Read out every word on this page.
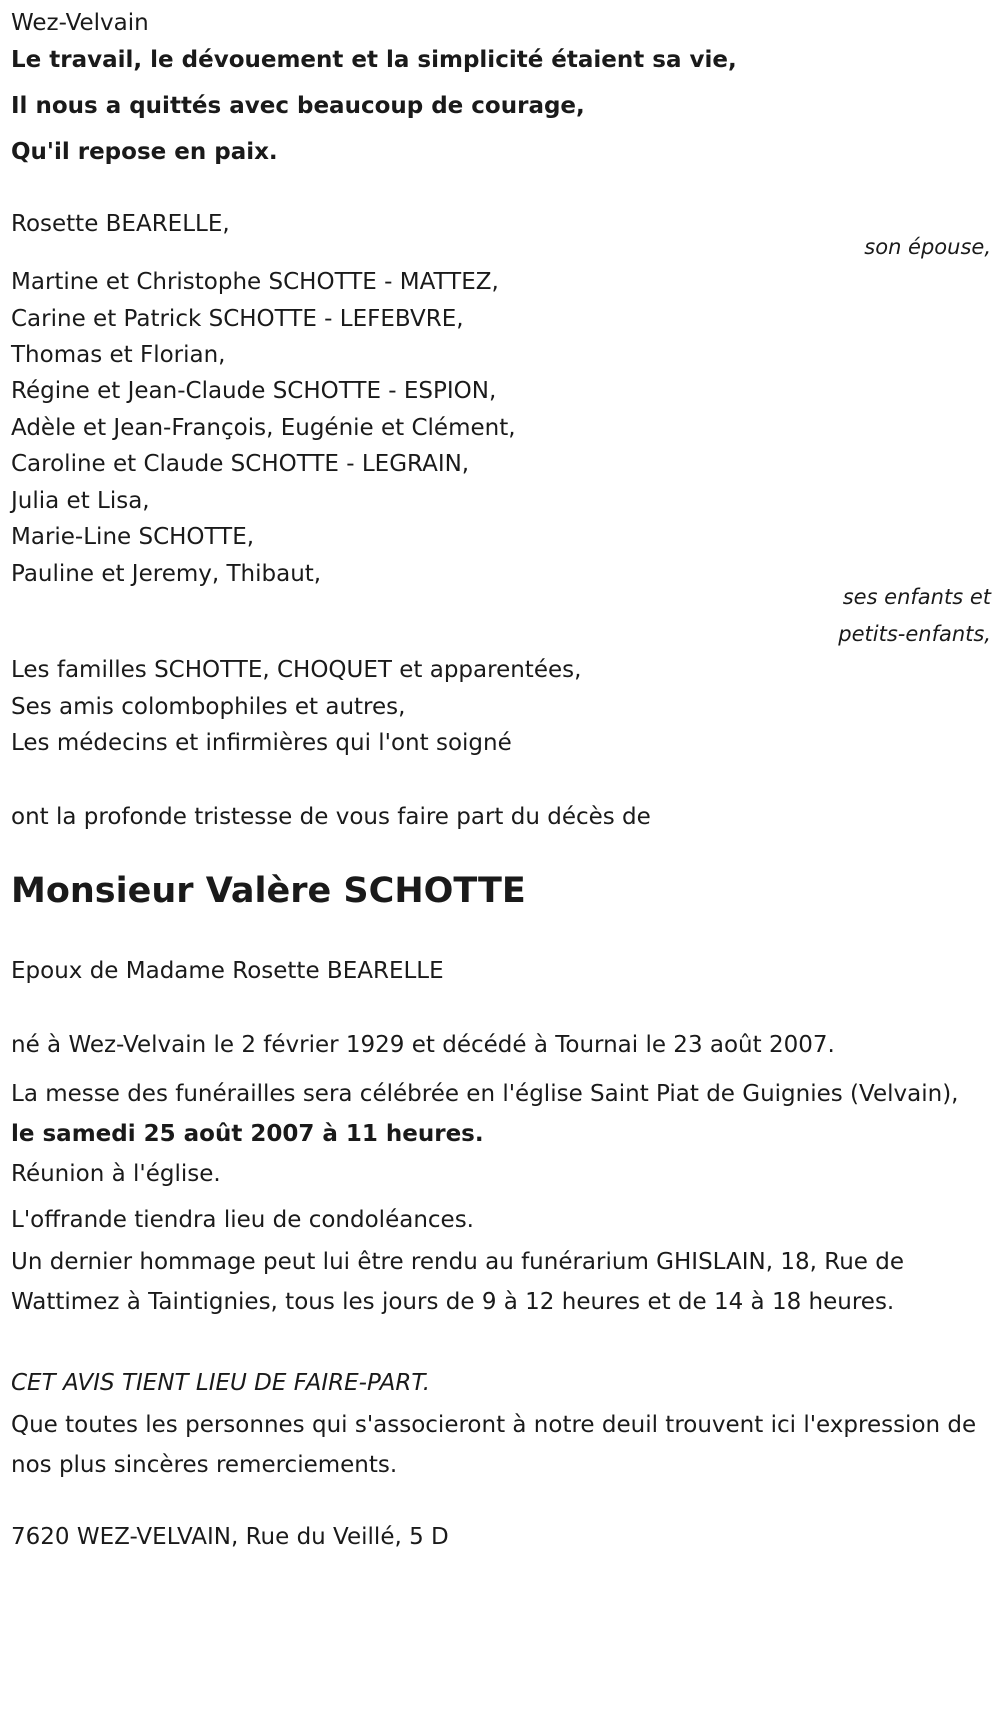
Wez-Velvain
Le travail, le dévouement et la simplicité étaient sa vie,
Il nous a quittés avec beaucoup de courage,
Qu'il repose en paix.
Rosette BEARELLE,
son épouse,
Martine et Christophe SCHOTTE - MATTEZ,
Carine et Patrick SCHOTTE - LEFEBVRE,
Thomas et Florian,
Régine et Jean-Claude SCHOTTE - ESPION,
Adèle et Jean-François, Eugénie et Clément,
Caroline et Claude SCHOTTE - LEGRAIN,
Julia et Lisa,
Marie-Line SCHOTTE,
Pauline et Jeremy, Thibaut,
ses enfants et
petits-enfants,
Les familles SCHOTTE, CHOQUET et apparentées,
Ses amis colombophiles et autres,
Les médecins et infirmières qui l'ont soigné
ont la profonde tristesse de vous faire part du décès de
Monsieur Valère SCHOTTE
Epoux de Madame Rosette BEARELLE
né à Wez-Velvain le 2 février 1929 et décédé à Tournai le 23 août 2007.
La messe des funérailles sera célébrée en l'église Saint Piat de Guignies (Velvain), le samedi 25 août 2007 à 11 heures.
Réunion à l'église.
L'offrande tiendra lieu de condoléances.
Un dernier hommage peut lui être rendu au funérarium GHISLAIN, 18, Rue de Wattimez à Taintignies, tous les jours de 9 à 12 heures et de 14 à 18 heures.
CET AVIS TIENT LIEU DE FAIRE-PART.
Que toutes les personnes qui s'associeront à notre deuil trouvent ici l'expression de nos plus sincères remerciements.
7620 WEZ-VELVAIN, Rue du Veillé, 5 D
